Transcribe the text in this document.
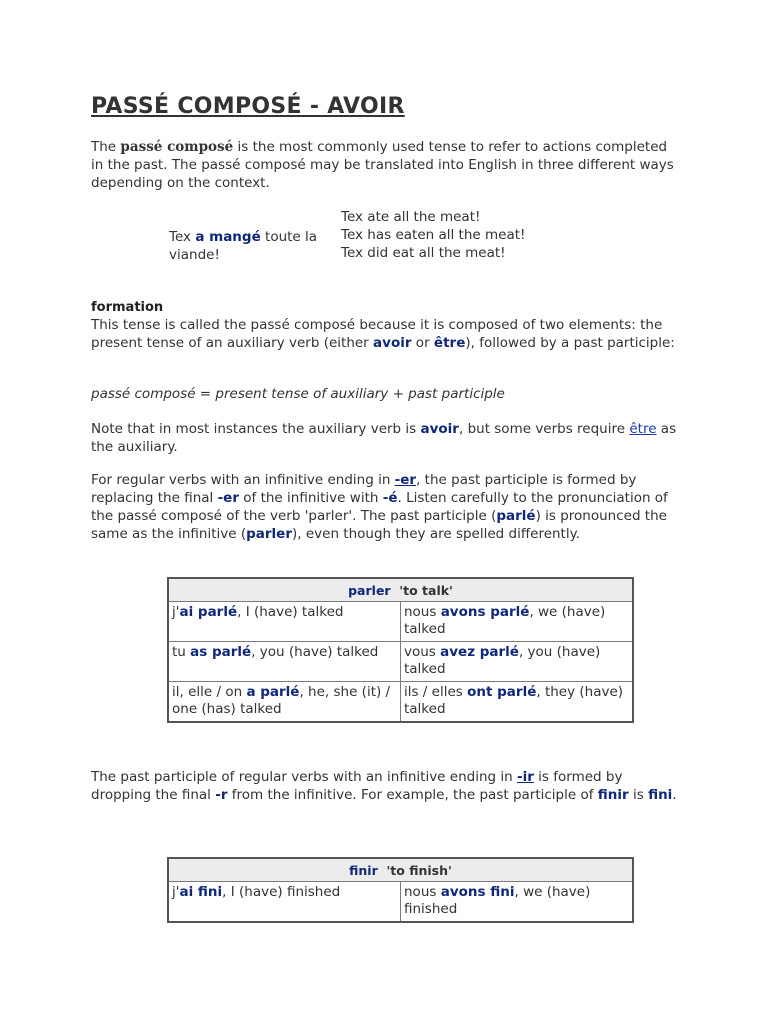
PASSÉ COMPOSÉ - AVOIR

The passé composé is the most commonly used tense to refer to actions completed in the past. The passé composé may be translated into English in three different ways depending on the context.

Tex a mangé toute la viande!
Tex ate all the meat!
Tex has eaten all the meat!
Tex did eat all the meat!
formation

This tense is called the passé composé because it is composed of two elements: the present tense of an auxiliary verb (either avoir or être), followed by a past participle:

passé composé = present tense of auxiliary + past participle

Note that in most instances the auxiliary verb is avoir, but some verbs require être as the auxiliary.

For regular verbs with an infinitive ending in -er, the past participle is formed by replacing the final -er of the infinitive with -é. Listen carefully to the pronunciation of the passé composé of the verb 'parler'. The past participle (parlé) is pronounced the same as the infinitive (parler), even though they are spelled differently.

The past participle of regular verbs with an infinitive ending in -ir is formed by dropping the final -r from the infinitive. For example, the past participle of finir is fini.

parler 'to talk'	
j'ai parlé, I (have) talked	nous avons parlé, we (have) talked
tu as parlé, you (have) talked	vous avez parlé, you (have) talked
il, elle / on a parlé, he, she (it) / one (has) talked	ils / elles ont parlé, they (have) talked
finir 'to finish'
j'ai fini, I (have) finished	nous avons fini, we (have) finished
